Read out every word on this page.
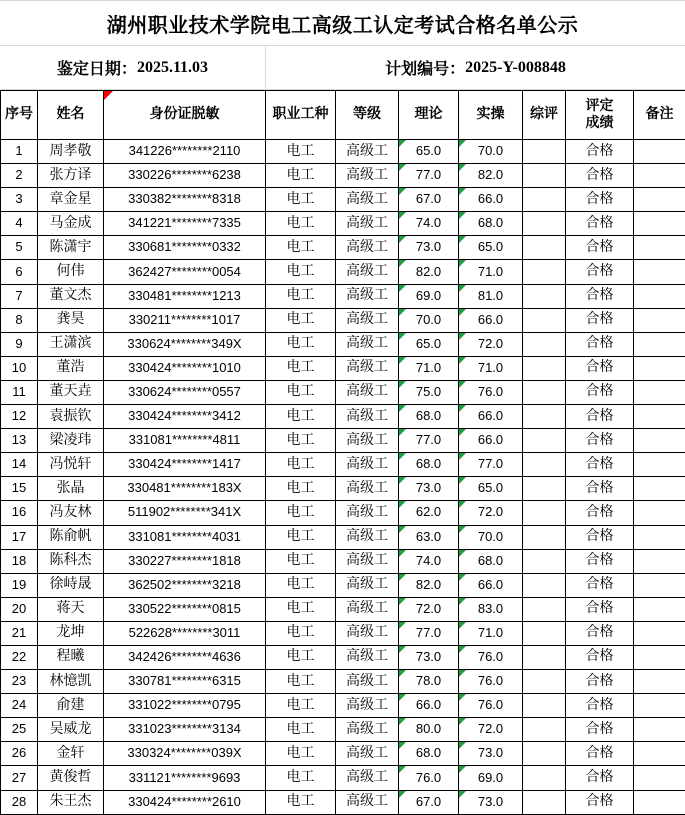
湖州职业技术学院电工高级工认定考试合格名单公示
鉴定日期： 2025.11.03	计划编号： 2025-Y-008848
序号	姓名	身份证脱敏	职业工种	等级	理论	实操	综评	评定成绩	备注
1	周孝敬	341226********2110	电工	高级工	65.0	70.0		合格	
2	张方译	330226********6238	电工	高级工	77.0	82.0		合格	
3	章金星	330382********8318	电工	高级工	67.0	66.0		合格	
4	马金成	341221********7335	电工	高级工	74.0	68.0		合格	
5	陈潇宇	330681********0332	电工	高级工	73.0	65.0		合格	
6	何伟	362427********0054	电工	高级工	82.0	71.0		合格	
7	董文杰	330481********1213	电工	高级工	69.0	81.0		合格	
8	龚昊	330211********1017	电工	高级工	70.0	66.0		合格	
9	王潇滨	330624********349X	电工	高级工	65.0	72.0		合格	
10	董浩	330424********1010	电工	高级工	71.0	71.0		合格	
11	董天垚	330624********0557	电工	高级工	75.0	76.0		合格	
12	袁振钦	330424********3412	电工	高级工	68.0	66.0		合格	
13	梁凌玮	331081********4811	电工	高级工	77.0	66.0		合格	
14	冯悦轩	330424********1417	电工	高级工	68.0	77.0		合格	
15	张晶	330481********183X	电工	高级工	73.0	65.0		合格	
16	冯友林	511902********341X	电工	高级工	62.0	72.0		合格	
17	陈俞帆	331081********4031	电工	高级工	63.0	70.0		合格	
18	陈科杰	330227********1818	电工	高级工	74.0	68.0		合格	
19	徐峙晟	362502********3218	电工	高级工	82.0	66.0		合格	
20	蒋天	330522********0815	电工	高级工	72.0	83.0		合格	
21	龙坤	522628********3011	电工	高级工	77.0	71.0		合格	
22	程曦	342426********4636	电工	高级工	73.0	76.0		合格	
23	林憶凯	330781********6315	电工	高级工	78.0	76.0		合格	
24	俞建	331022********0795	电工	高级工	66.0	76.0		合格	
25	吴威龙	331023********3134	电工	高级工	80.0	72.0		合格	
26	金轩	330324********039X	电工	高级工	68.0	73.0		合格	
27	黄俊哲	331121********9693	电工	高级工	76.0	69.0		合格	
28	朱王杰	330424********2610	电工	高级工	67.0	73.0		合格	
